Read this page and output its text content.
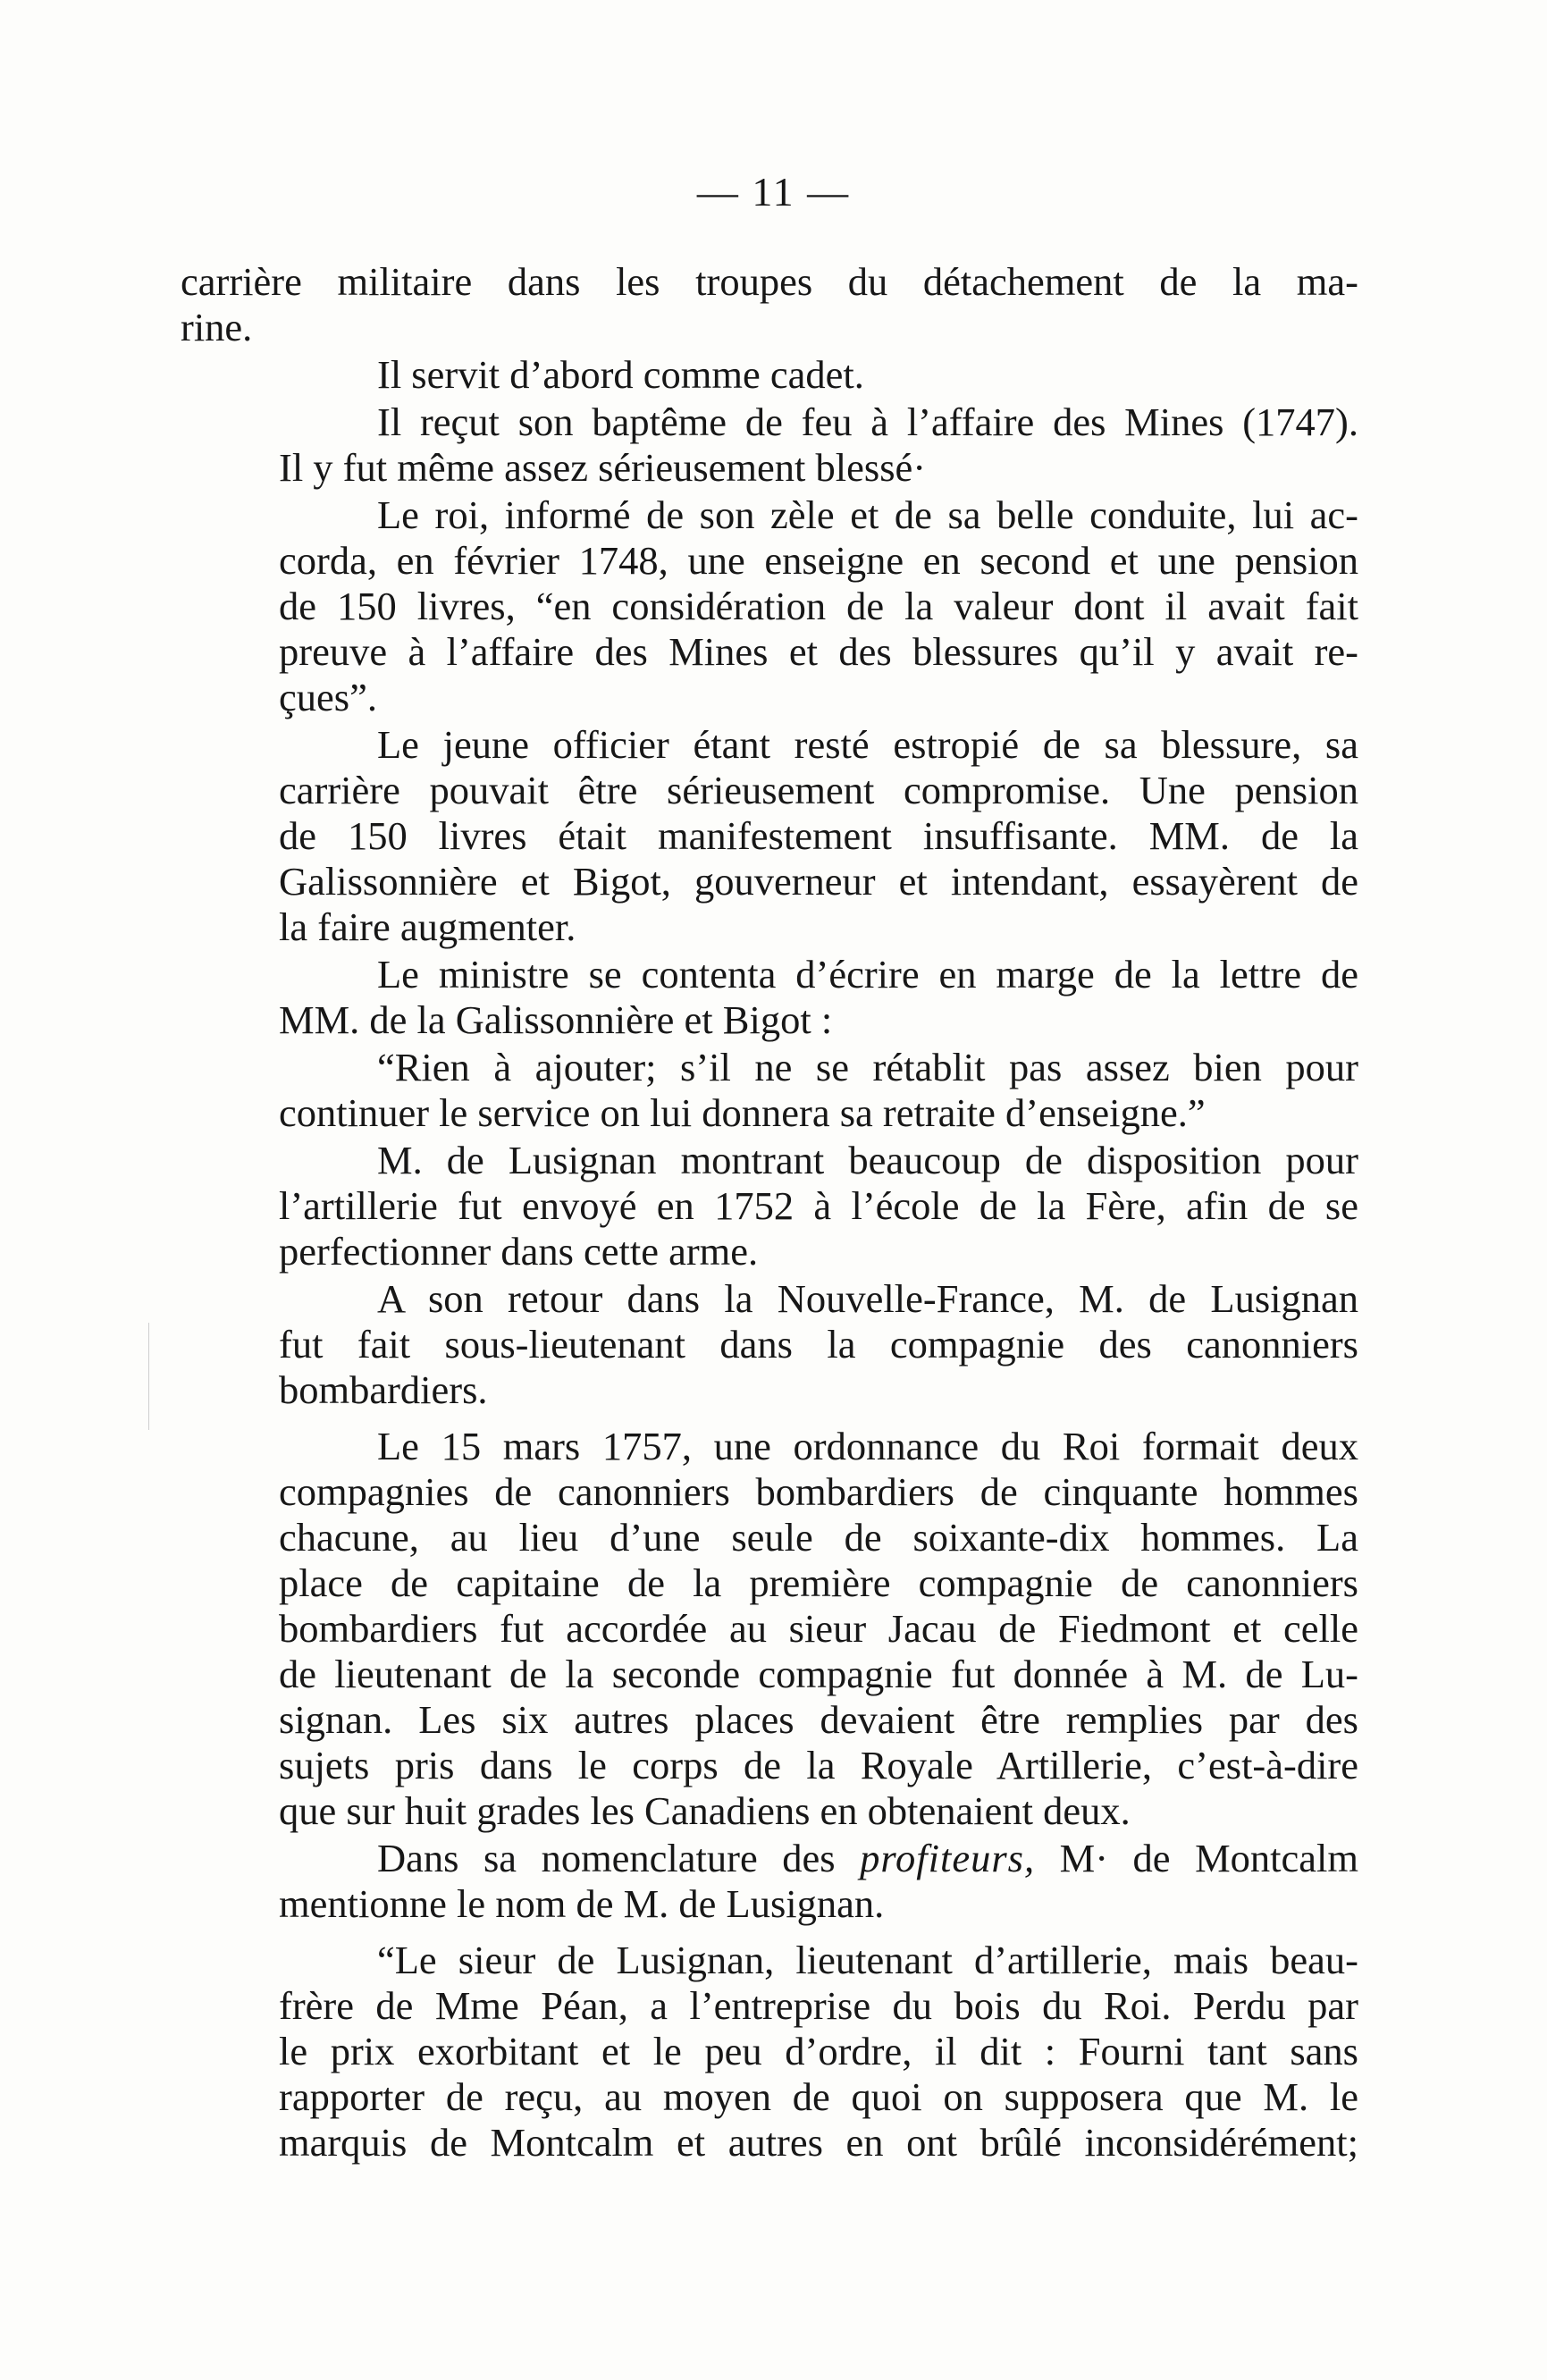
— 11 —

carrière militaire dans les troupes du détachement de la ma-
rine.

Il servit d’abord comme cadet.

Il reçut son baptême de feu à l’affaire des Mines (1747).
Il y fut même assez sérieusement blessé·

Le roi, informé de son zèle et de sa belle conduite, lui ac-
corda, en février 1748, une enseigne en second et une pension
de 150 livres, “en considération de la valeur dont il avait fait
preuve à l’affaire des Mines et des blessures qu’il y avait re-
çues”.

Le jeune officier étant resté estropié de sa blessure, sa
carrière pouvait être sérieusement compromise. Une pension
de 150 livres était manifestement insuffisante. MM. de la
Galissonnière et Bigot, gouverneur et intendant, essayèrent de
la faire augmenter.

Le ministre se contenta d’écrire en marge de la lettre de
MM. de la Galissonnière et Bigot :

“Rien à ajouter; s’il ne se rétablit pas assez bien pour
continuer le service on lui donnera sa retraite d’enseigne.”

M. de Lusignan montrant beaucoup de disposition pour
l’artillerie fut envoyé en 1752 à l’école de la Fère, afin de se
perfectionner dans cette arme.

A son retour dans la Nouvelle-France, M. de Lusignan
fut fait sous-lieutenant dans la compagnie des canonniers
bombardiers.

Le 15 mars 1757, une ordonnance du Roi formait deux
compagnies de canonniers bombardiers de cinquante hommes
chacune, au lieu d’une seule de soixante-dix hommes. La
place de capitaine de la première compagnie de canonniers
bombardiers fut accordée au sieur Jacau de Fiedmont et celle
de lieutenant de la seconde compagnie fut donnée à M. de Lu-
signan. Les six autres places devaient être remplies par des
sujets pris dans le corps de la Royale Artillerie, c’est-à-dire
que sur huit grades les Canadiens en obtenaient deux.

Dans sa nomenclature des profiteurs, M· de Montcalm
mentionne le nom de M. de Lusignan.

“Le sieur de Lusignan, lieutenant d’artillerie, mais beau-
frère de Mme Péan, a l’entreprise du bois du Roi. Perdu par
le prix exorbitant et le peu d’ordre, il dit : Fourni tant sans
rapporter de reçu, au moyen de quoi on supposera que M. le
marquis de Montcalm et autres en ont brûlé inconsidérément;
